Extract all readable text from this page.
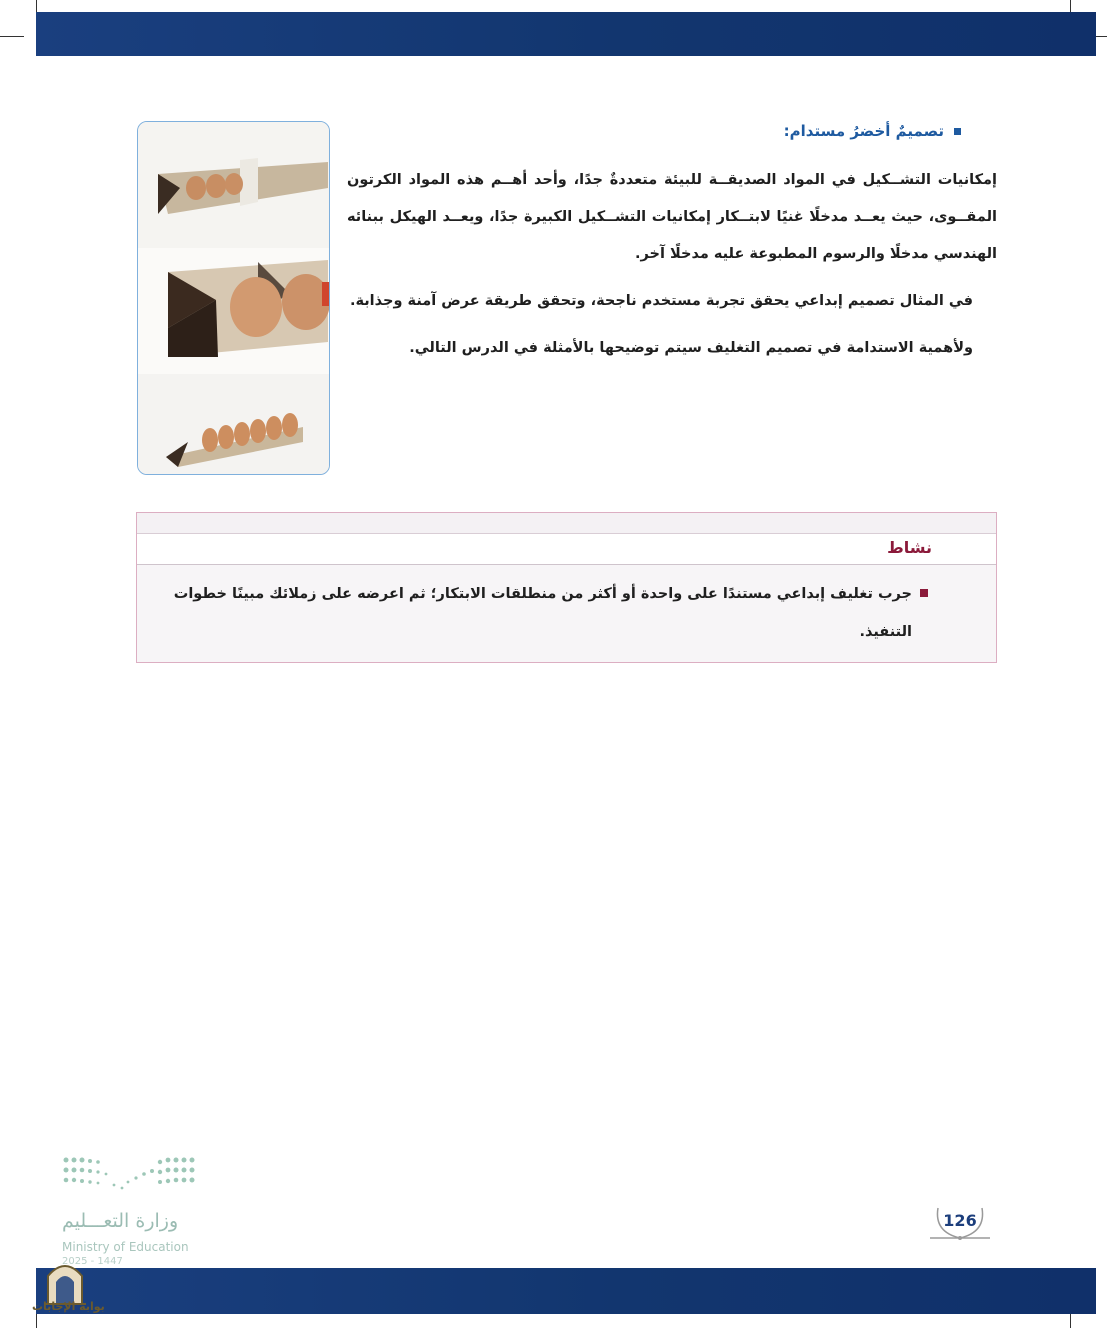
تصميمٌ أخضرُ مستدام:
إمكانيات التشــكيل في المواد الصديقــة للبيئة متعددةٌ جدًا، وأحد أهــم هذه المواد الكرتون المقــوى، حيث يعــد مدخلًا غنيًا لابتــكار إمكانيات التشــكيل الكبيرة جدًا، ويعــد الهيكل ببنائه الهندسي مدخلًا والرسوم المطبوعة عليه مدخلًا آخر.
في المثال تصميم إبداعي يحقق تجربة مستخدم ناجحة، وتحقق طريقة عرض آمنة وجذابة.
ولأهمية الاستدامة في تصميم التغليف سيتم توضيحها بالأمثلة في الدرس التالي.
نشاط
جرب تغليف إبداعي مستندًا على واحدة أو أكثر من منطلقات الابتكار؛ ثم اعرضه على زملائك مبينًا خطوات التنفيذ.
126
وزارة التعـــليم
Ministry of Education
2025 - 1447
بوابة الإجابات
